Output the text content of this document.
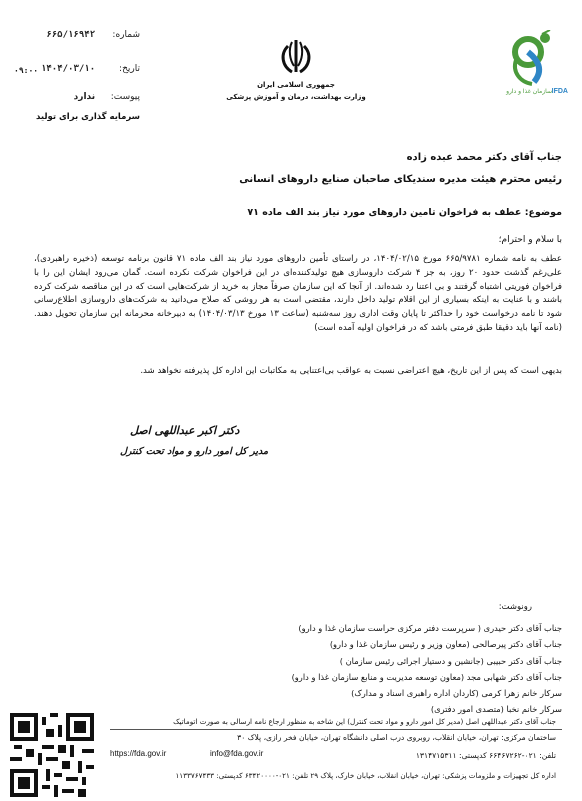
IFDA
سازمان غذا و دارو
جمهوری اسلامی ایران
وزارت بهداشت، درمان و آموزش پزشکی
شماره: ۶۶۵/۱۶۹۴۲
تاریخ: ۱۴۰۴/۰۳/۱۰
۰۹:۰۰
پیوست: ندارد
سرمایه گذاری برای تولید
جناب آقای دکتر محمد عبده زاده
رئیس محترم هیئت مدیره سندیکای صاحبان صنایع داروهای انسانی
موضوع: عطف به فراخوان تامین داروهای مورد نیاز بند الف ماده ۷۱
با سلام و احترام؛
عطف به نامه شماره ۶۶۵/۹۷۸۱ مورخ ۱۴۰۴/۰۲/۱۵، در راستای تأمین داروهای مورد نیاز بند الف ماده ۷۱ قانون برنامه توسعه (ذخیره راهبردی)، علی‌رغم گذشت حدود ۲۰ روز، به جز ۴ شرکت داروسازی هیچ تولیدکننده‌ای در این فراخوان شرکت نکرده است. گمان می‌رود ایشان این را با فراخوان فوریتی اشتباه گرفتند و بی اعتنا رد شده‌اند. از آنجا که این سازمان صرفاً مجاز به خرید از شرکت‌هایی است که در این مناقصه شرکت کرده باشند و با عنایت به اینکه بسیاری از این اقلام تولید داخل دارند، مقتضی است به هر روشی که صلاح می‌دانید به شرکت‌های داروسازی اطلاع‌رسانی شود تا نامه درخواست خود را حداکثر تا پایان وقت اداری روز سه‌شنبه (ساعت ۱۳ مورخ ۱۴۰۴/۰۳/۱۳) به دبیرخانه محرمانه این سازمان تحویل دهند. (نامه آنها باید دقیقا طبق فرمتی باشد که در فراخوان اولیه آمده است)
بدیهی است که پس از این تاریخ، هیچ اعتراضی نسبت به عواقب بی‌اعتنایی به مکاتبات این اداره کل پذیرفته نخواهد شد.
دکتر اکبر عبداللهی اصل
مدیر کل امور دارو و مواد تحت کنترل
رونوشت:
جناب آقای دکتر حیدری ( سرپرست دفتر مرکزی حراست سازمان غذا و دارو)
جناب آقای دکتر پیرصالحی (معاون وزیر و رئیس سازمان غذا و دارو)
جناب آقای دکتر حبیبی (جانشین و دستیار اجرائی رئیس سازمان )
جناب آقای دکتر شهابی مجد (معاون توسعه مدیریت و منابع سازمان غذا و دارو)
سرکار خانم زهرا کرمی (کاردان اداره راهبری اسناد و مدارک)
سرکار خانم نخبا (متصدی امور دفتری)
جناب آقای دکتر عبداللهی اصل (مدیر کل امور دارو و مواد تحت کنترل) این شاخه به منظور ارجاع نامه ارسالی به صورت اتوماتیک
ساختمان مرکزی: تهران، خیابان انقلاب، روبروی درب اصلی دانشگاه تهران، خیابان فخر رازی، پلاک ۳۰
https://fda.gov.ir	info@fda.gov.ir	تلفن: ۰۲۱-۶۶۴۶۷۲۶۲ کدپستی: ۱۳۱۴۷۱۵۳۱۱
اداره کل تجهیزات و ملزومات پزشکی: تهران، خیابان انقلاب، خیابان خارک، پلاک ۲۹ تلفن: ۰۲۱-۶۳۴۲۰۰۰۰ کدپستی: ۱۱۳۳۷۶۷۴۳۳
